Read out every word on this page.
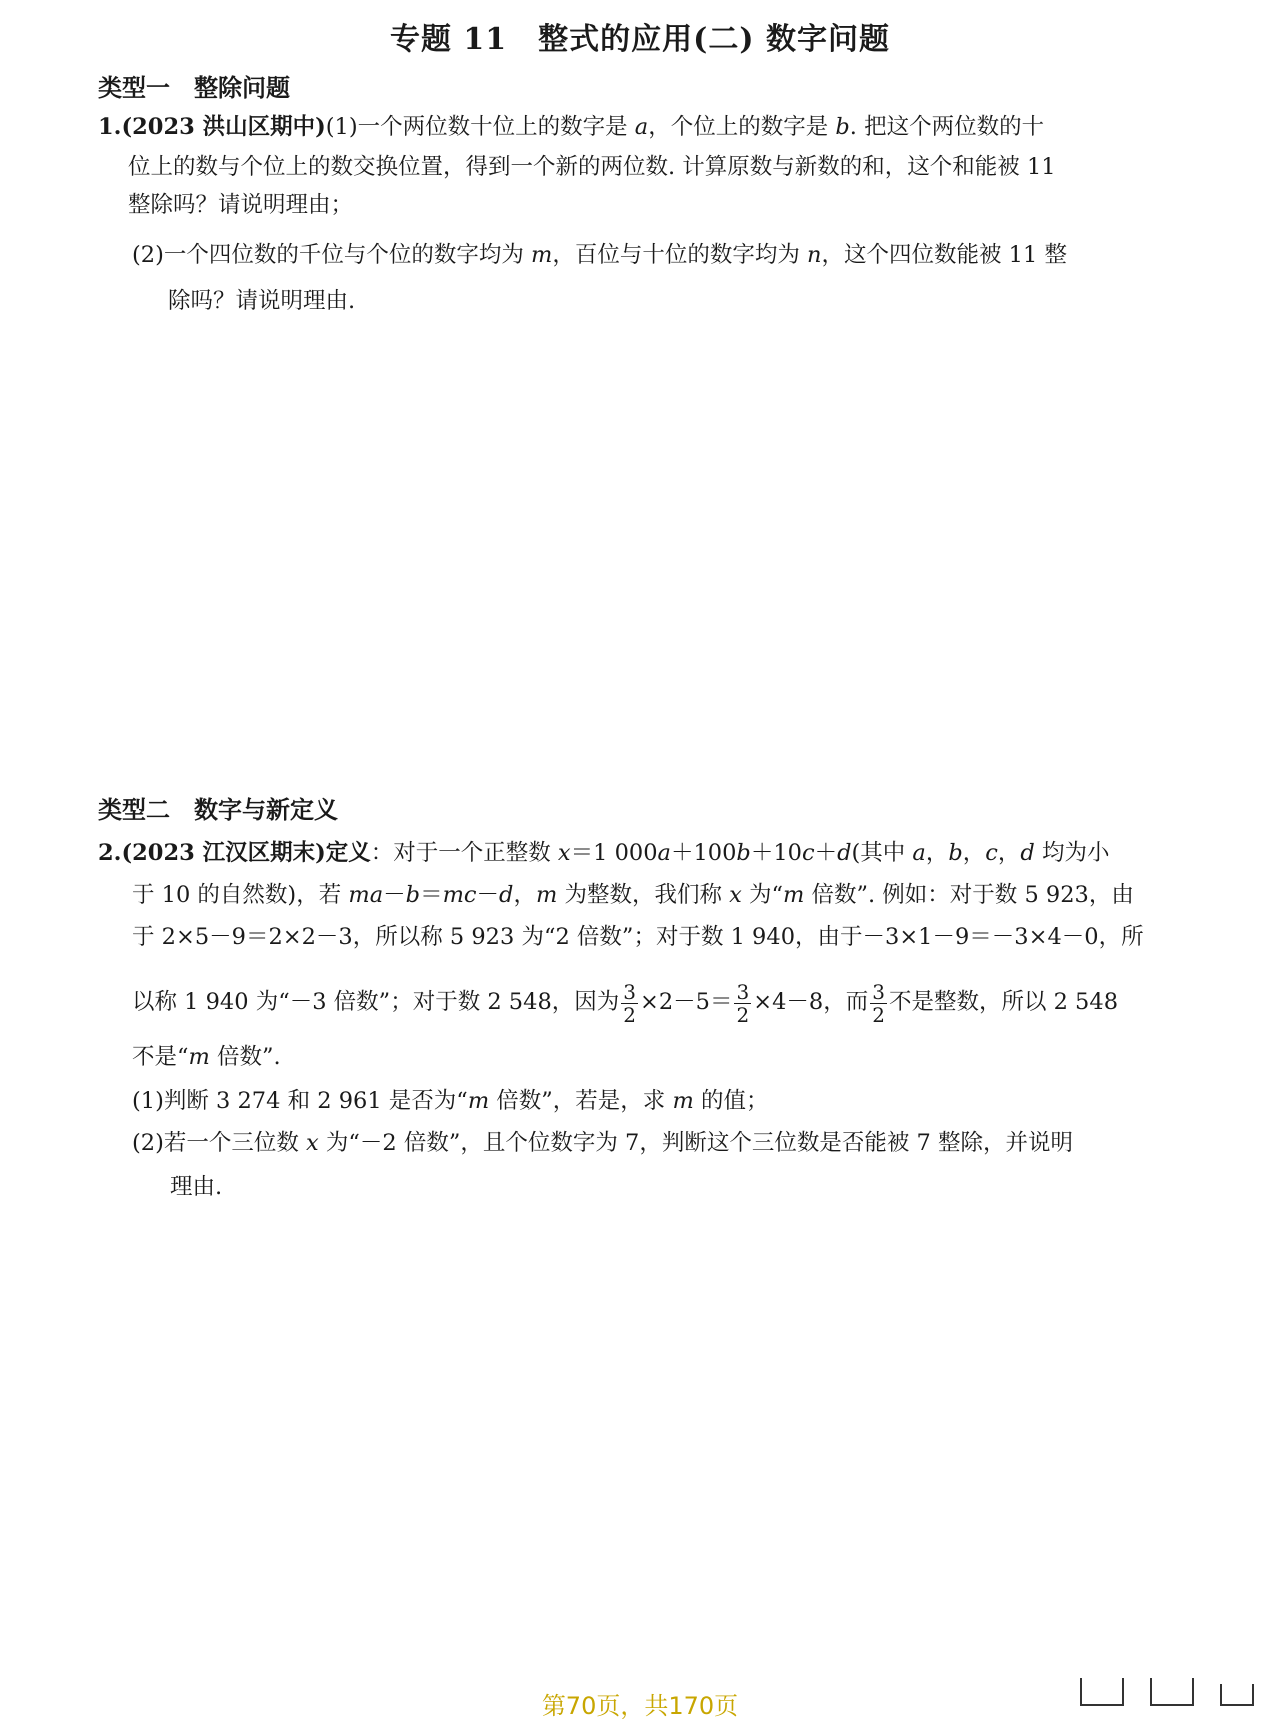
专题 11　整式的应用(二) 数字问题
类型一　整除问题
1.(2023 洪山区期中)(1)一个两位数十位上的数字是 a，个位上的数字是 b. 把这个两位数的十
位上的数与个位上的数交换位置，得到一个新的两位数. 计算原数与新数的和，这个和能被 11
整除吗？请说明理由；
(2)一个四位数的千位与个位的数字均为 m，百位与十位的数字均为 n，这个四位数能被 11 整
除吗？请说明理由.
类型二　数字与新定义
2.(2023 江汉区期末)定义：对于一个正整数 x＝1 000a＋100b＋10c＋d(其中 a，b，c，d 均为小
于 10 的自然数)，若 ma－b＝mc－d，m 为整数，我们称 x 为“m 倍数”. 例如：对于数 5 923，由
于 2×5－9＝2×2－3，所以称 5 923 为“2 倍数”；对于数 1 940，由于－3×1－9＝－3×4－0，所
以称 1 940 为“－3 倍数”；对于数 2 548，因为 $\frac{3}{2} \times 2-5= \frac{3}{2} \times 4-8$，而 $\frac{3}{2}$ 不是整数，所以 2 548
不是“m 倍数”.
(1)判断 3 274 和 2 961 是否为“m 倍数”，若是，求 m 的值；
(2)若一个三位数 x 为“－2 倍数”，且个位数字为 7，判断这个三位数是否能被 7 整除，并说明
理由.
第70页，共170页
